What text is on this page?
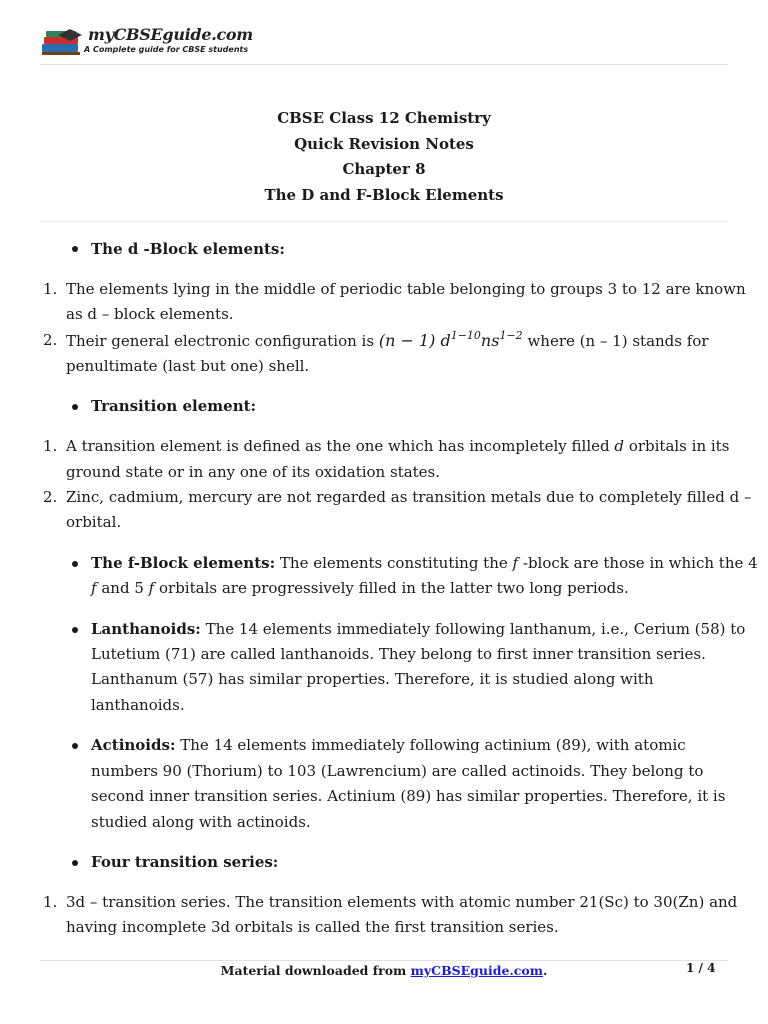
myCBSEguide.com
A Complete guide for CBSE students
CBSE Class 12 Chemistry
Quick Revision Notes
Chapter 8
The D and F-Block Elements
The d -Block elements:
1. The elements lying in the middle of periodic table belonging to groups 3 to 12 are known
as d – block elements.
2. Their general electronic configuration is (n − 1) $d^{1-10}ns^{1-2}$ where (n – 1) stands for
penultimate (last but one) shell.
Transition element:
1. A transition element is defined as the one which has incompletely filled d orbitals in its
ground state or in any one of its oxidation states.
2. Zinc, cadmium, mercury are not regarded as transition metals due to completely filled d –
orbital.
The f-Block elements: The elements constituting the f -block are those in which the 4
f and 5 f orbitals are progressively filled in the latter two long periods.
Lanthanoids: The 14 elements immediately following lanthanum, i.e., Cerium (58) to
Lutetium (71) are called lanthanoids. They belong to first inner transition series.
Lanthanum (57) has similar properties. Therefore, it is studied along with
lanthanoids.
Actinoids: The 14 elements immediately following actinium (89), with atomic
numbers 90 (Thorium) to 103 (Lawrencium) are called actinoids. They belong to
second inner transition series. Actinium (89) has similar properties. Therefore, it is
studied along with actinoids.
Four transition series:
1. 3d – transition series. The transition elements with atomic number 21(Sc) to 30(Zn) and
having incomplete 3d orbitals is called the first transition series.
Material downloaded from myCBSEguide.com.	1 / 4
